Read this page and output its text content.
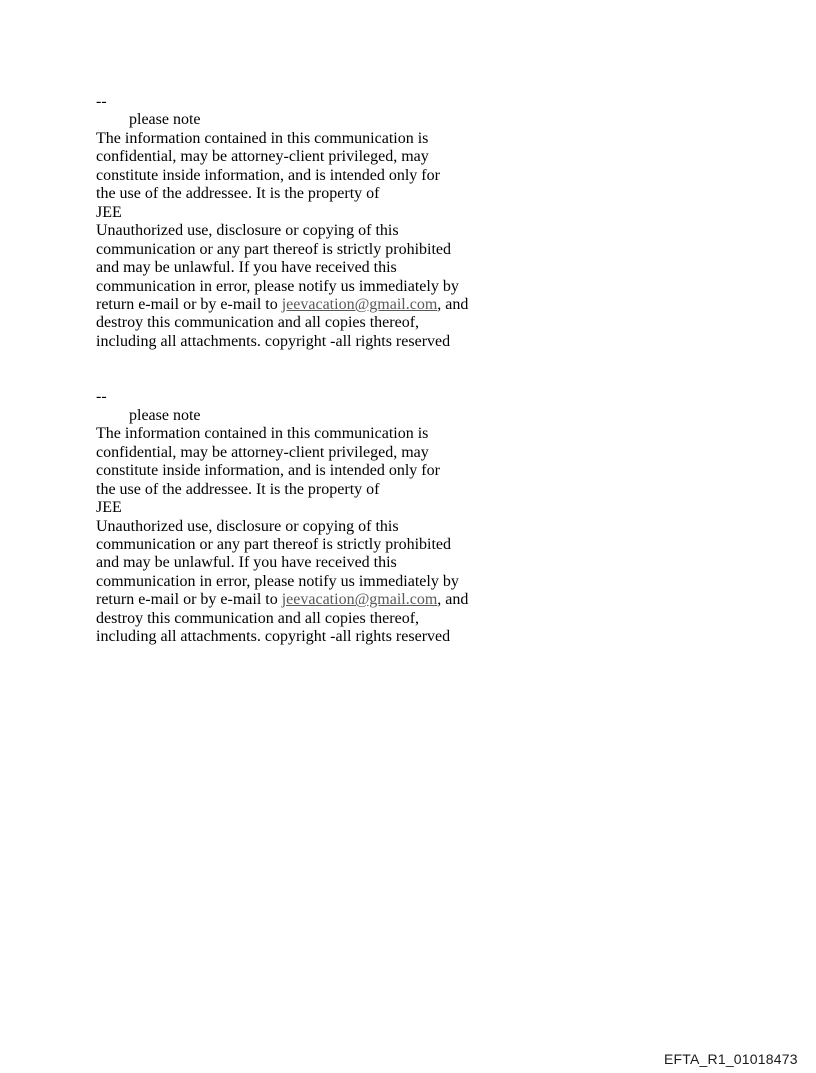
--
please note
The information contained in this communication is
confidential, may be attorney-client privileged, may
constitute inside information, and is intended only for
the use of the addressee. It is the property of
JEE
Unauthorized use, disclosure or copying of this
communication or any part thereof is strictly prohibited
and may be unlawful. If you have received this
communication in error, please notify us immediately by
return e-mail or by e-mail to jeevacation@gmail.com, and
destroy this communication and all copies thereof,
including all attachments. copyright -all rights reserved
--
please note
The information contained in this communication is
confidential, may be attorney-client privileged, may
constitute inside information, and is intended only for
the use of the addressee. It is the property of
JEE
Unauthorized use, disclosure or copying of this
communication or any part thereof is strictly prohibited
and may be unlawful. If you have received this
communication in error, please notify us immediately by
return e-mail or by e-mail to jeevacation@gmail.com, and
destroy this communication and all copies thereof,
including all attachments. copyright -all rights reserved
EFTA_R1_01018473
